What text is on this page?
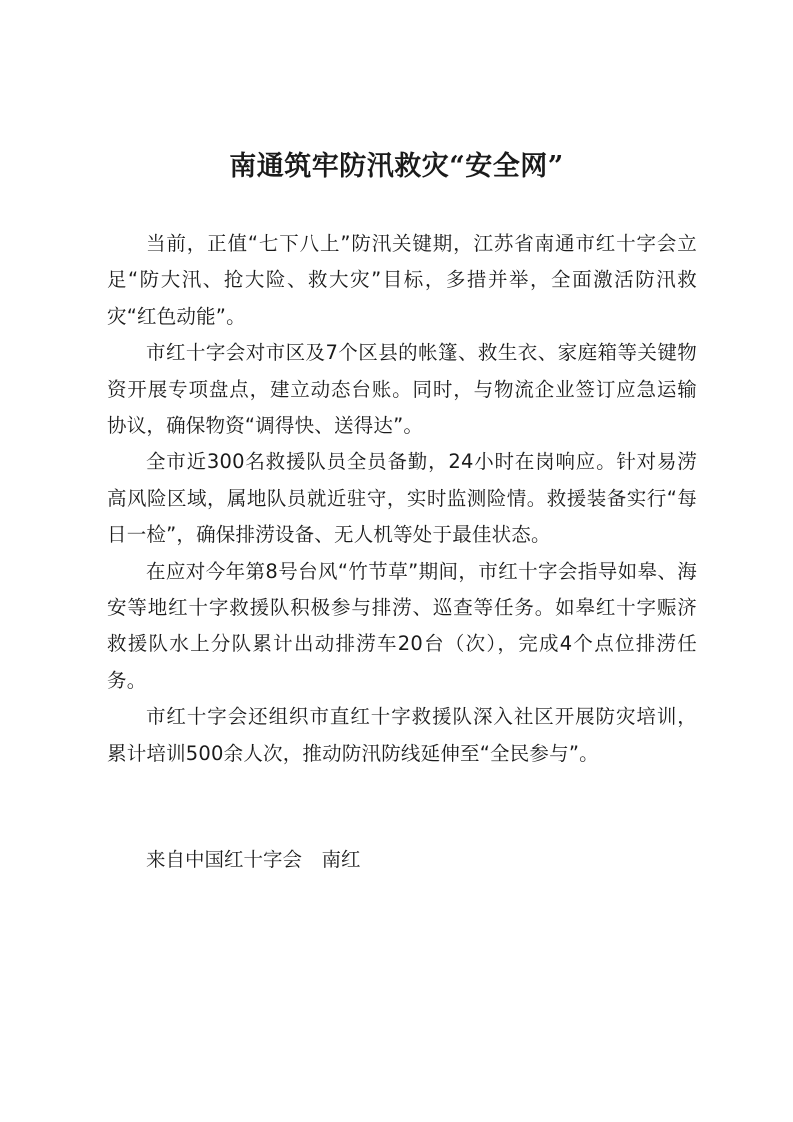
南通筑牢防汛救灾“安全网”

当前，正值“七下八上”防汛关键期，江苏省南通市红十字会立足“防大汛、抢大险、救大灾”目标，多措并举，全面激活防汛救灾“红色动能”。

市红十字会对市区及7个区县的帐篷、救生衣、家庭箱等关键物资开展专项盘点，建立动态台账。同时，与物流企业签订应急运输协议，确保物资“调得快、送得达”。

全市近300名救援队员全员备勤，24小时在岗响应。针对易涝高风险区域，属地队员就近驻守，实时监测险情。救援装备实行“每日一检”，确保排涝设备、无人机等处于最佳状态。

在应对今年第8号台风“竹节草”期间，市红十字会指导如皋、海安等地红十字救援队积极参与排涝、巡查等任务。如皋红十字赈济救援队水上分队累计出动排涝车20台（次），完成4个点位排涝任务。

市红十字会还组织市直红十字救援队深入社区开展防灾培训，累计培训500余人次，推动防汛防线延伸至“全民参与”。

来自中国红十字会　南红
